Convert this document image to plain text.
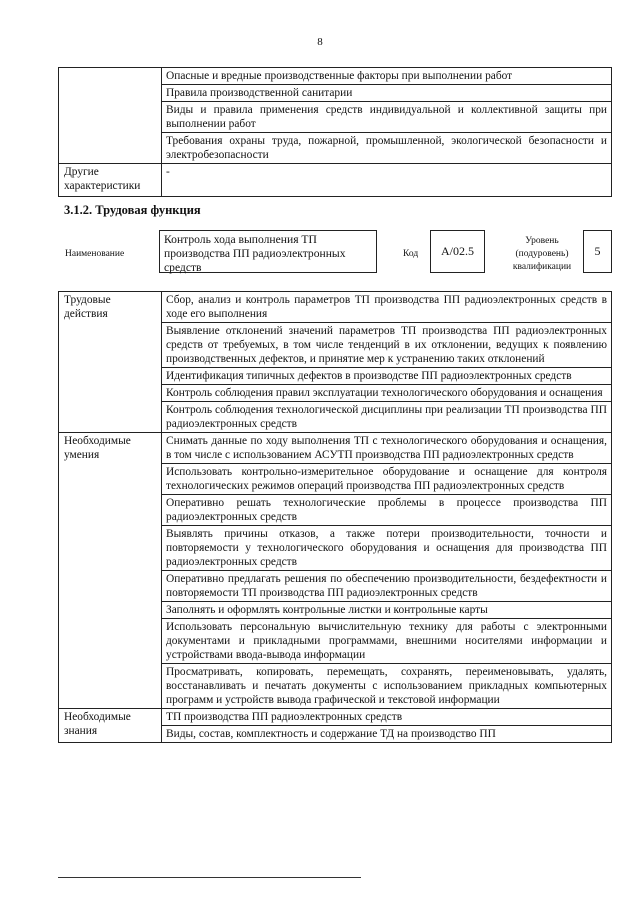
8
	Опасные и вредные производственные факторы при выполнении работ
	Правила производственной санитарии
	Виды и правила применения средств индивидуальной и коллективной защиты при выполнении работ
	Требования охраны труда, пожарной, промышленной, экологической безопасности и электробезопасности
Другие характеристики	-
3.1.2. Трудовая функция
Наименование
Контроль хода выполнения ТП производства ПП радиоэлектронных средств
Код	А/02.5
Уровень (подуровень) квалификации
5
Трудовые действия	Сбор, анализ и контроль параметров ТП производства ПП радиоэлектронных средств в ходе его выполнения
	Выявление отклонений значений параметров ТП производства ПП радиоэлектронных средств от требуемых, в том числе тенденций в их отклонении, ведущих к появлению производственных дефектов, и принятие мер к устранению таких отклонений
	Идентификация типичных дефектов в производстве ПП радиоэлектронных средств
	Контроль соблюдения правил эксплуатации технологического оборудования и оснащения
	Контроль соблюдения технологической дисциплины при реализации ТП производства ПП радиоэлектронных средств
Необходимые умения	Снимать данные по ходу выполнения ТП с технологического оборудования и оснащения, в том числе с использованием АСУТП производства ПП радиоэлектронных средств
	Использовать контрольно-измерительное оборудование и оснащение для контроля технологических режимов операций производства ПП радиоэлектронных средств
	Оперативно решать технологические проблемы в процессе производства ПП радиоэлектронных средств
	Выявлять причины отказов, а также потери производительности, точности и повторяемости у технологического оборудования и оснащения для производства ПП радиоэлектронных средств
	Оперативно предлагать решения по обеспечению производительности, бездефектности и повторяемости ТП производства ПП радиоэлектронных средств
	Заполнять и оформлять контрольные листки и контрольные карты
	Использовать персональную вычислительную технику для работы с электронными документами и прикладными программами, внешними носителями информации и устройствами ввода-вывода информации
	Просматривать, копировать, перемещать, сохранять, переименовывать, удалять, восстанавливать и печатать документы с использованием прикладных компьютерных программ и устройств вывода графической и текстовой информации
Необходимые знания	ТП производства ПП радиоэлектронных средств
	Виды, состав, комплектность и содержание ТД на производство ПП
